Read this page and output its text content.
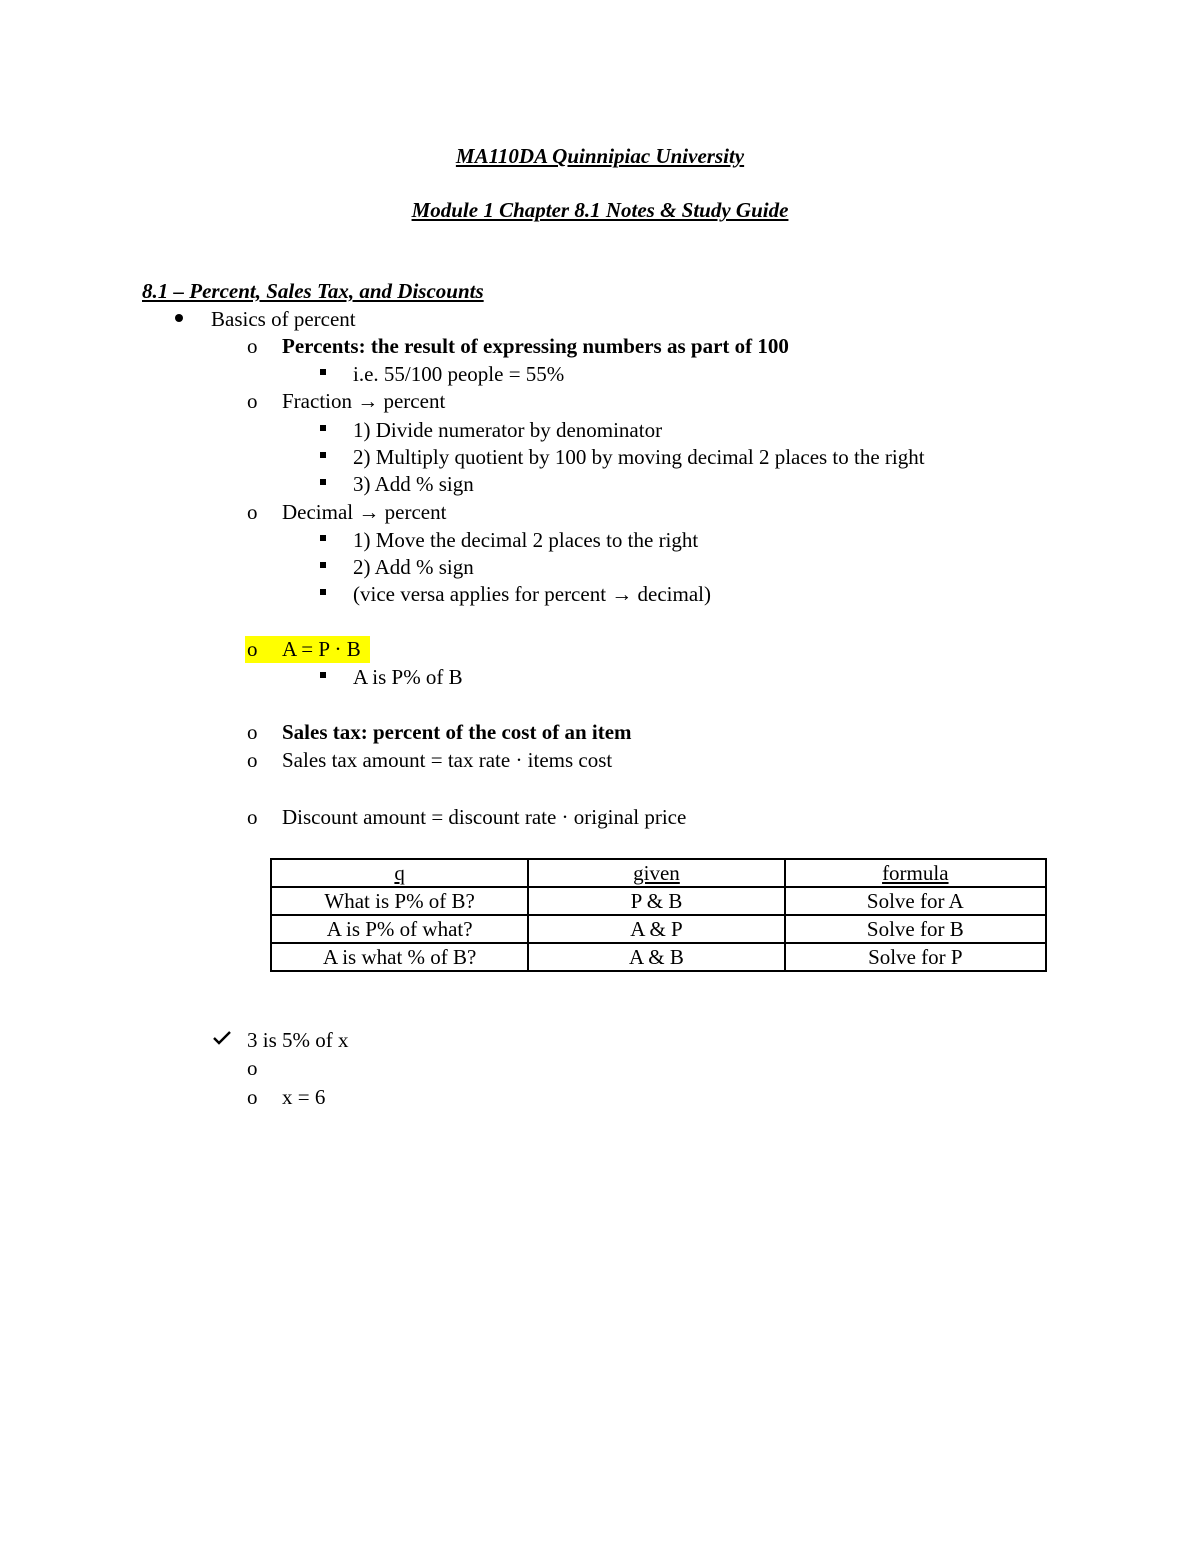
MA110DA Quinnipiac University
Module 1 Chapter 8.1 Notes & Study Guide
8.1 – Percent, Sales Tax, and Discounts
Basics of percent
o Percents: the result of expressing numbers as part of 100
i.e. 55/100 people = 55%
o Fraction → percent
1) Divide numerator by denominator
2) Multiply quotient by 100 by moving decimal 2 places to the right
3) Add % sign
o Decimal → percent
1) Move the decimal 2 places to the right
2) Add % sign
(vice versa applies for percent → decimal)
o A = P · B
A is P% of B
o Sales tax: percent of the cost of an item
o Sales tax amount = tax rate · items cost
o Discount amount = discount rate · original price
q	given	formula
What is P% of B?	P & B	Solve for A
A is P% of what?	A & P	Solve for B
A is what % of B?	A & B	Solve for P
3 is 5% of x
o
o x = 6
